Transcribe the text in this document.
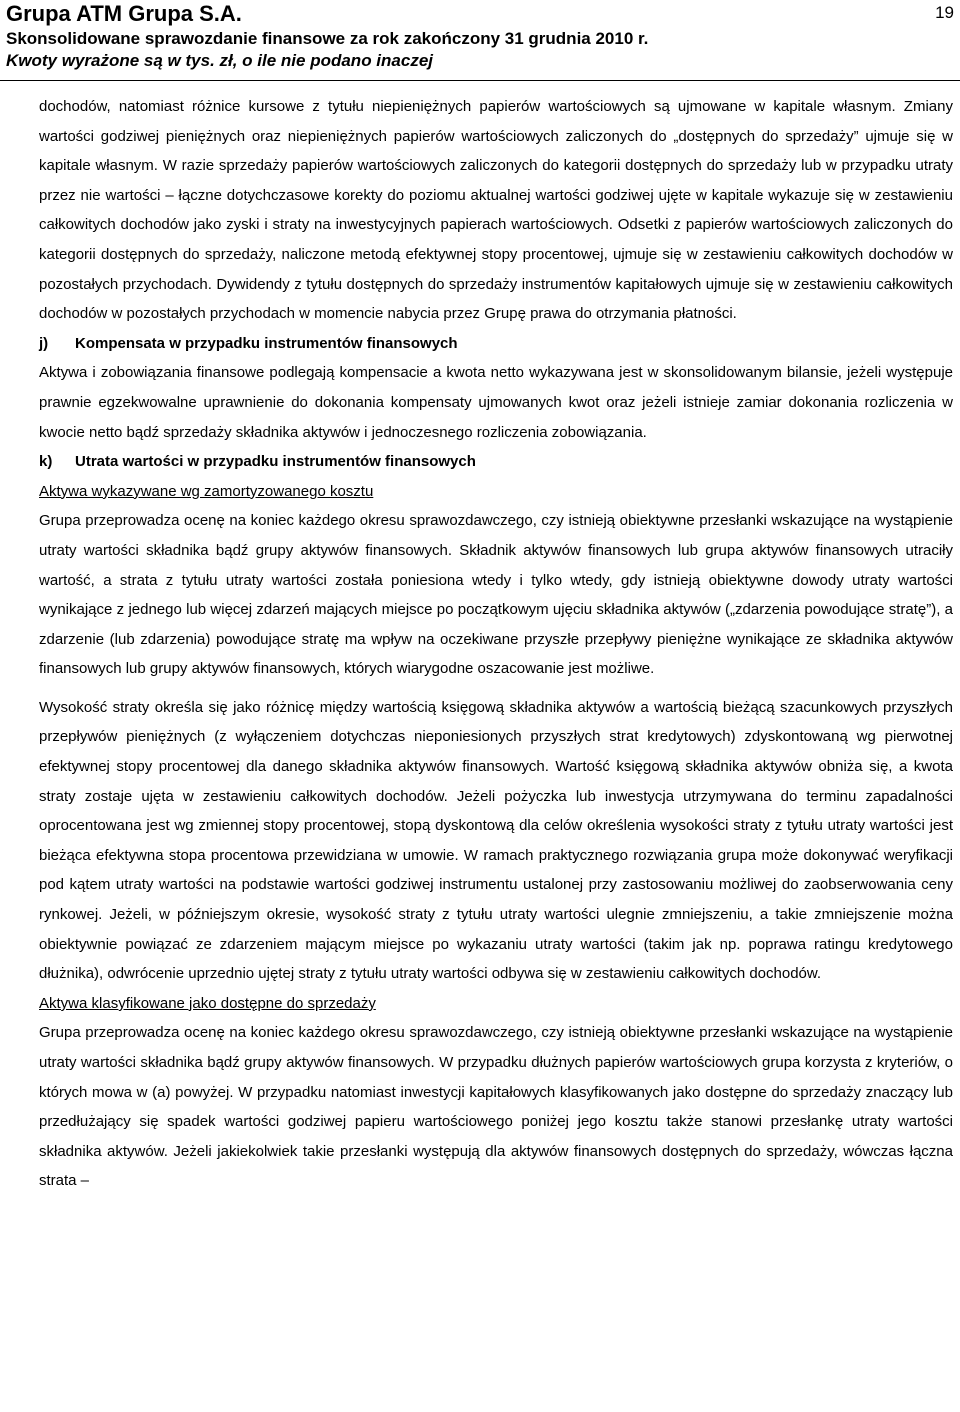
Grupa ATM Grupa S.A.
Skonsolidowane sprawozdanie finansowe za rok zakończony 31 grudnia 2010 r.
Kwoty wyrażone są w tys. zł, o ile nie podano inaczej
19

dochodów, natomiast różnice kursowe z tytułu niepieniężnych papierów wartościowych są ujmowane w kapitale własnym. Zmiany wartości godziwej pieniężnych oraz niepieniężnych papierów wartościowych zaliczonych do „dostępnych do sprzedaży” ujmuje się w kapitale własnym. W razie sprzedaży papierów wartościowych zaliczonych do kategorii dostępnych do sprzedaży lub w przypadku utraty przez nie wartości – łączne dotychczasowe korekty do poziomu aktualnej wartości godziwej ujęte w kapitale wykazuje się w zestawieniu całkowitych dochodów jako zyski i straty na inwestycyjnych papierach wartościowych. Odsetki z papierów wartościowych zaliczonych do kategorii dostępnych do sprzedaży, naliczone metodą efektywnej stopy procentowej, ujmuje się w zestawieniu całkowitych dochodów w pozostałych przychodach. Dywidendy z tytułu dostępnych do sprzedaży instrumentów kapitałowych ujmuje się w zestawieniu całkowitych dochodów w pozostałych przychodach w momencie nabycia przez Grupę prawa do otrzymania płatności.

j)	Kompensata w przypadku instrumentów finansowych

Aktywa i zobowiązania finansowe podlegają kompensacie a kwota netto wykazywana jest w skonsolidowanym bilansie, jeżeli występuje prawnie egzekwowalne uprawnienie do dokonania kompensaty ujmowanych kwot oraz jeżeli istnieje zamiar dokonania rozliczenia w kwocie netto bądź sprzedaży składnika aktywów i jednoczesnego rozliczenia zobowiązania.

k)	Utrata wartości w przypadku instrumentów finansowych
Aktywa wykazywane wg zamortyzowanego kosztu

Grupa przeprowadza ocenę na koniec każdego okresu sprawozdawczego, czy istnieją obiektywne przesłanki wskazujące na wystąpienie utraty wartości składnika bądź grupy aktywów finansowych. Składnik aktywów finansowych lub grupa aktywów finansowych utraciły wartość, a strata z tytułu utraty wartości została poniesiona wtedy i tylko wtedy, gdy istnieją obiektywne dowody utraty wartości wynikające z jednego lub więcej zdarzeń mających miejsce po początkowym ujęciu składnika aktywów („zdarzenia powodujące stratę”), a zdarzenie (lub zdarzenia) powodujące stratę ma wpływ na oczekiwane przyszłe przepływy pieniężne wynikające ze składnika aktywów finansowych lub grupy aktywów finansowych, których wiarygodne oszacowanie jest możliwe.

Wysokość straty określa się jako różnicę między wartością księgową składnika aktywów a wartością bieżącą szacunkowych przyszłych przepływów pieniężnych (z wyłączeniem dotychczas nieponiesionych przyszłych strat kredytowych) zdyskontowaną wg pierwotnej efektywnej stopy procentowej dla danego składnika aktywów finansowych. Wartość księgową składnika aktywów obniża się, a kwota straty zostaje ujęta w zestawieniu całkowitych dochodów. Jeżeli pożyczka lub inwestycja utrzymywana do terminu zapadalności oprocentowana jest wg zmiennej stopy procentowej, stopą dyskontową dla celów określenia wysokości straty z tytułu utraty wartości jest bieżąca efektywna stopa procentowa przewidziana w umowie. W ramach praktycznego rozwiązania grupa może dokonywać weryfikacji pod kątem utraty wartości na podstawie wartości godziwej instrumentu ustalonej przy zastosowaniu możliwej do zaobserwowania ceny rynkowej. Jeżeli, w późniejszym okresie, wysokość straty z tytułu utraty wartości ulegnie zmniejszeniu, a takie zmniejszenie można obiektywnie powiązać ze zdarzeniem mającym miejsce po wykazaniu utraty wartości (takim jak np. poprawa ratingu kredytowego dłużnika), odwrócenie uprzednio ujętej straty z tytułu utraty wartości odbywa się w zestawieniu całkowitych dochodów.

Aktywa klasyfikowane jako dostępne do sprzedaży

Grupa przeprowadza ocenę na koniec każdego okresu sprawozdawczego, czy istnieją obiektywne przesłanki wskazujące na wystąpienie utraty wartości składnika bądź grupy aktywów finansowych. W przypadku dłużnych papierów wartościowych grupa korzysta z kryteriów, o których mowa w (a) powyżej. W przypadku natomiast inwestycji kapitałowych klasyfikowanych jako dostępne do sprzedaży znaczący lub przedłużający się spadek wartości godziwej papieru wartościowego poniżej jego kosztu także stanowi przesłankę utraty wartości składnika aktywów. Jeżeli jakiekolwiek takie przesłanki występują dla aktywów finansowych dostępnych do sprzedaży, wówczas łączna strata –
